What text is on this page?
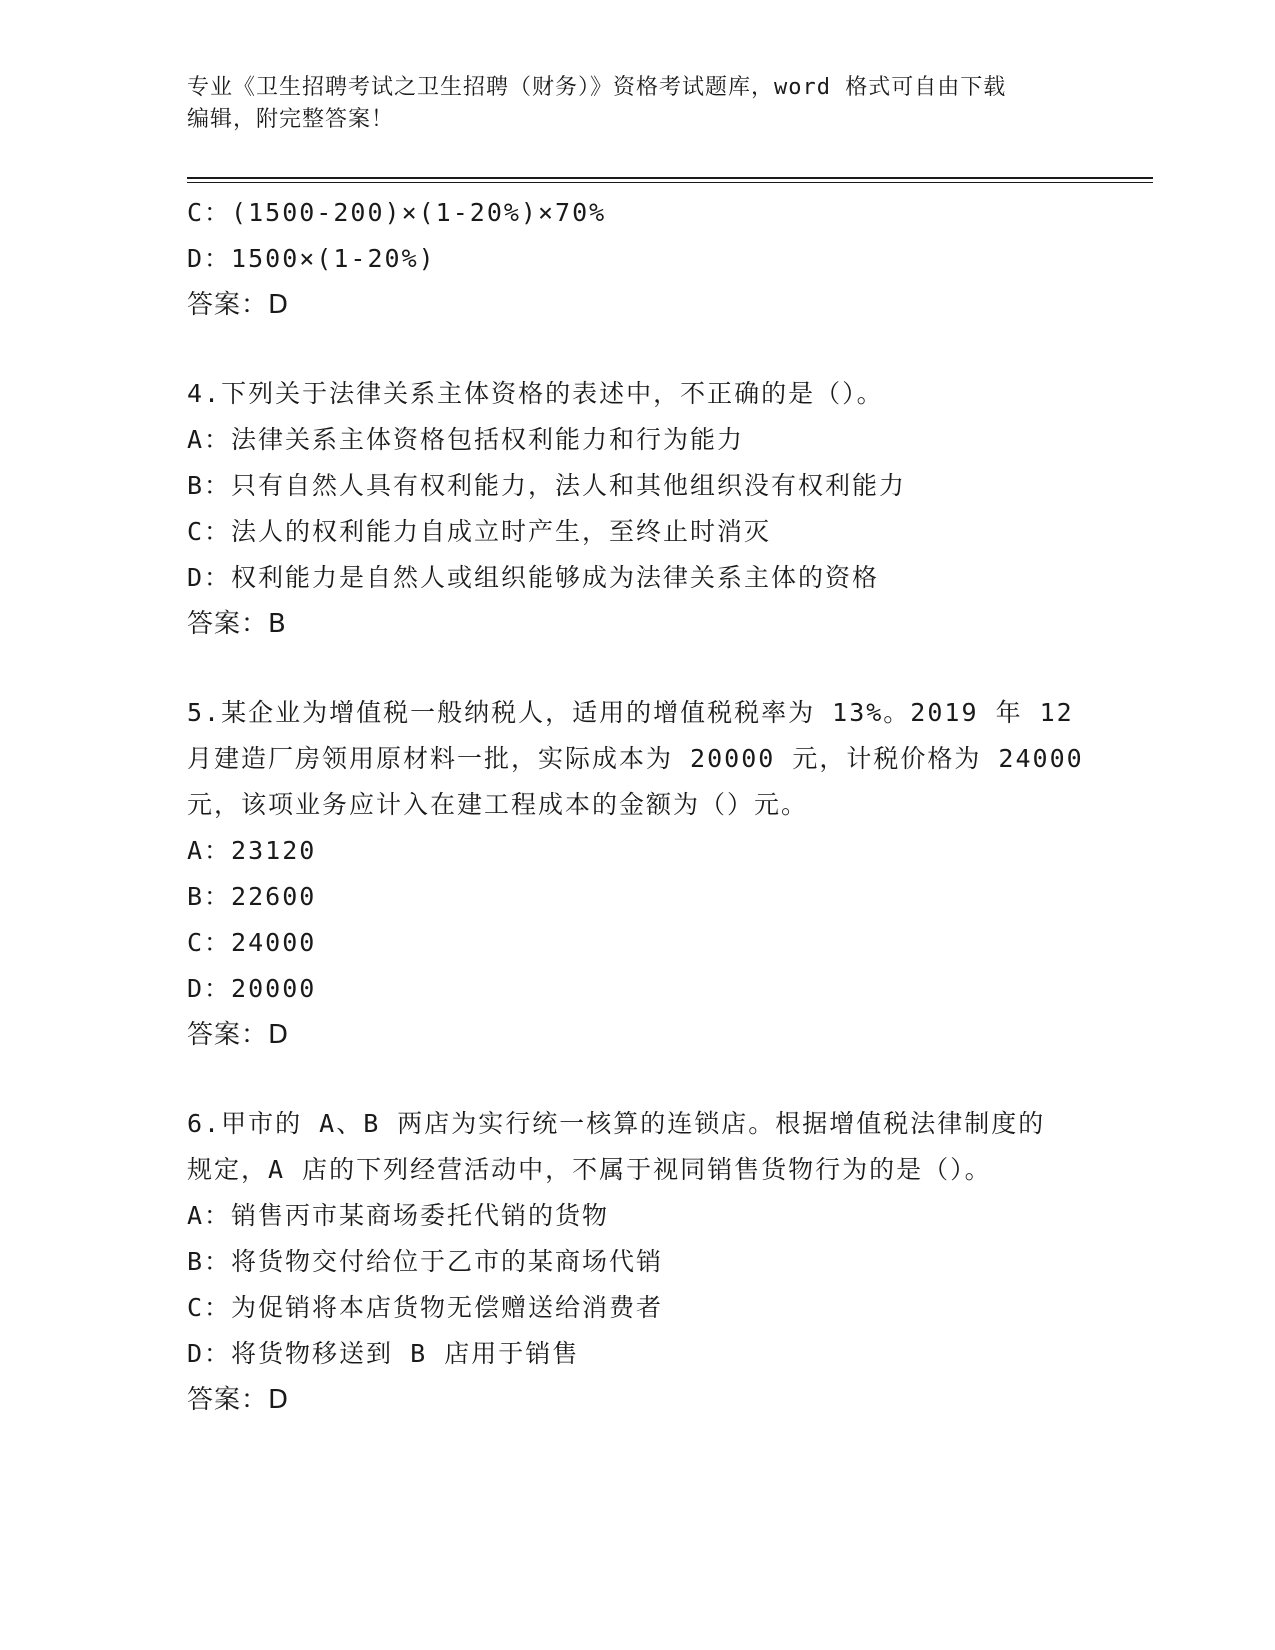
专业《卫生招聘考试之卫生招聘（财务）》资格考试题库，word 格式可自由下载
编辑，附完整答案！
C：(1500-200)×(1-20%)×70%
D：1500×(1-20%)
答案：D
4.下列关于法律关系主体资格的表述中，不正确的是（）。
A：法律关系主体资格包括权利能力和行为能力
B：只有自然人具有权利能力，法人和其他组织没有权利能力
C：法人的权利能力自成立时产生，至终止时消灭
D：权利能力是自然人或组织能够成为法律关系主体的资格
答案：B
5.某企业为增值税一般纳税人，适用的增值税税率为 13%。2019 年 12
月建造厂房领用原材料一批，实际成本为 20000 元，计税价格为 24000
元，该项业务应计入在建工程成本的金额为（）元。
A：23120
B：22600
C：24000
D：20000
答案：D
6.甲市的 A、B 两店为实行统一核算的连锁店。根据增值税法律制度的
规定，A 店的下列经营活动中，不属于视同销售货物行为的是（）。
A：销售丙市某商场委托代销的货物
B：将货物交付给位于乙市的某商场代销
C：为促销将本店货物无偿赠送给消费者
D：将货物移送到 B 店用于销售
答案：D
